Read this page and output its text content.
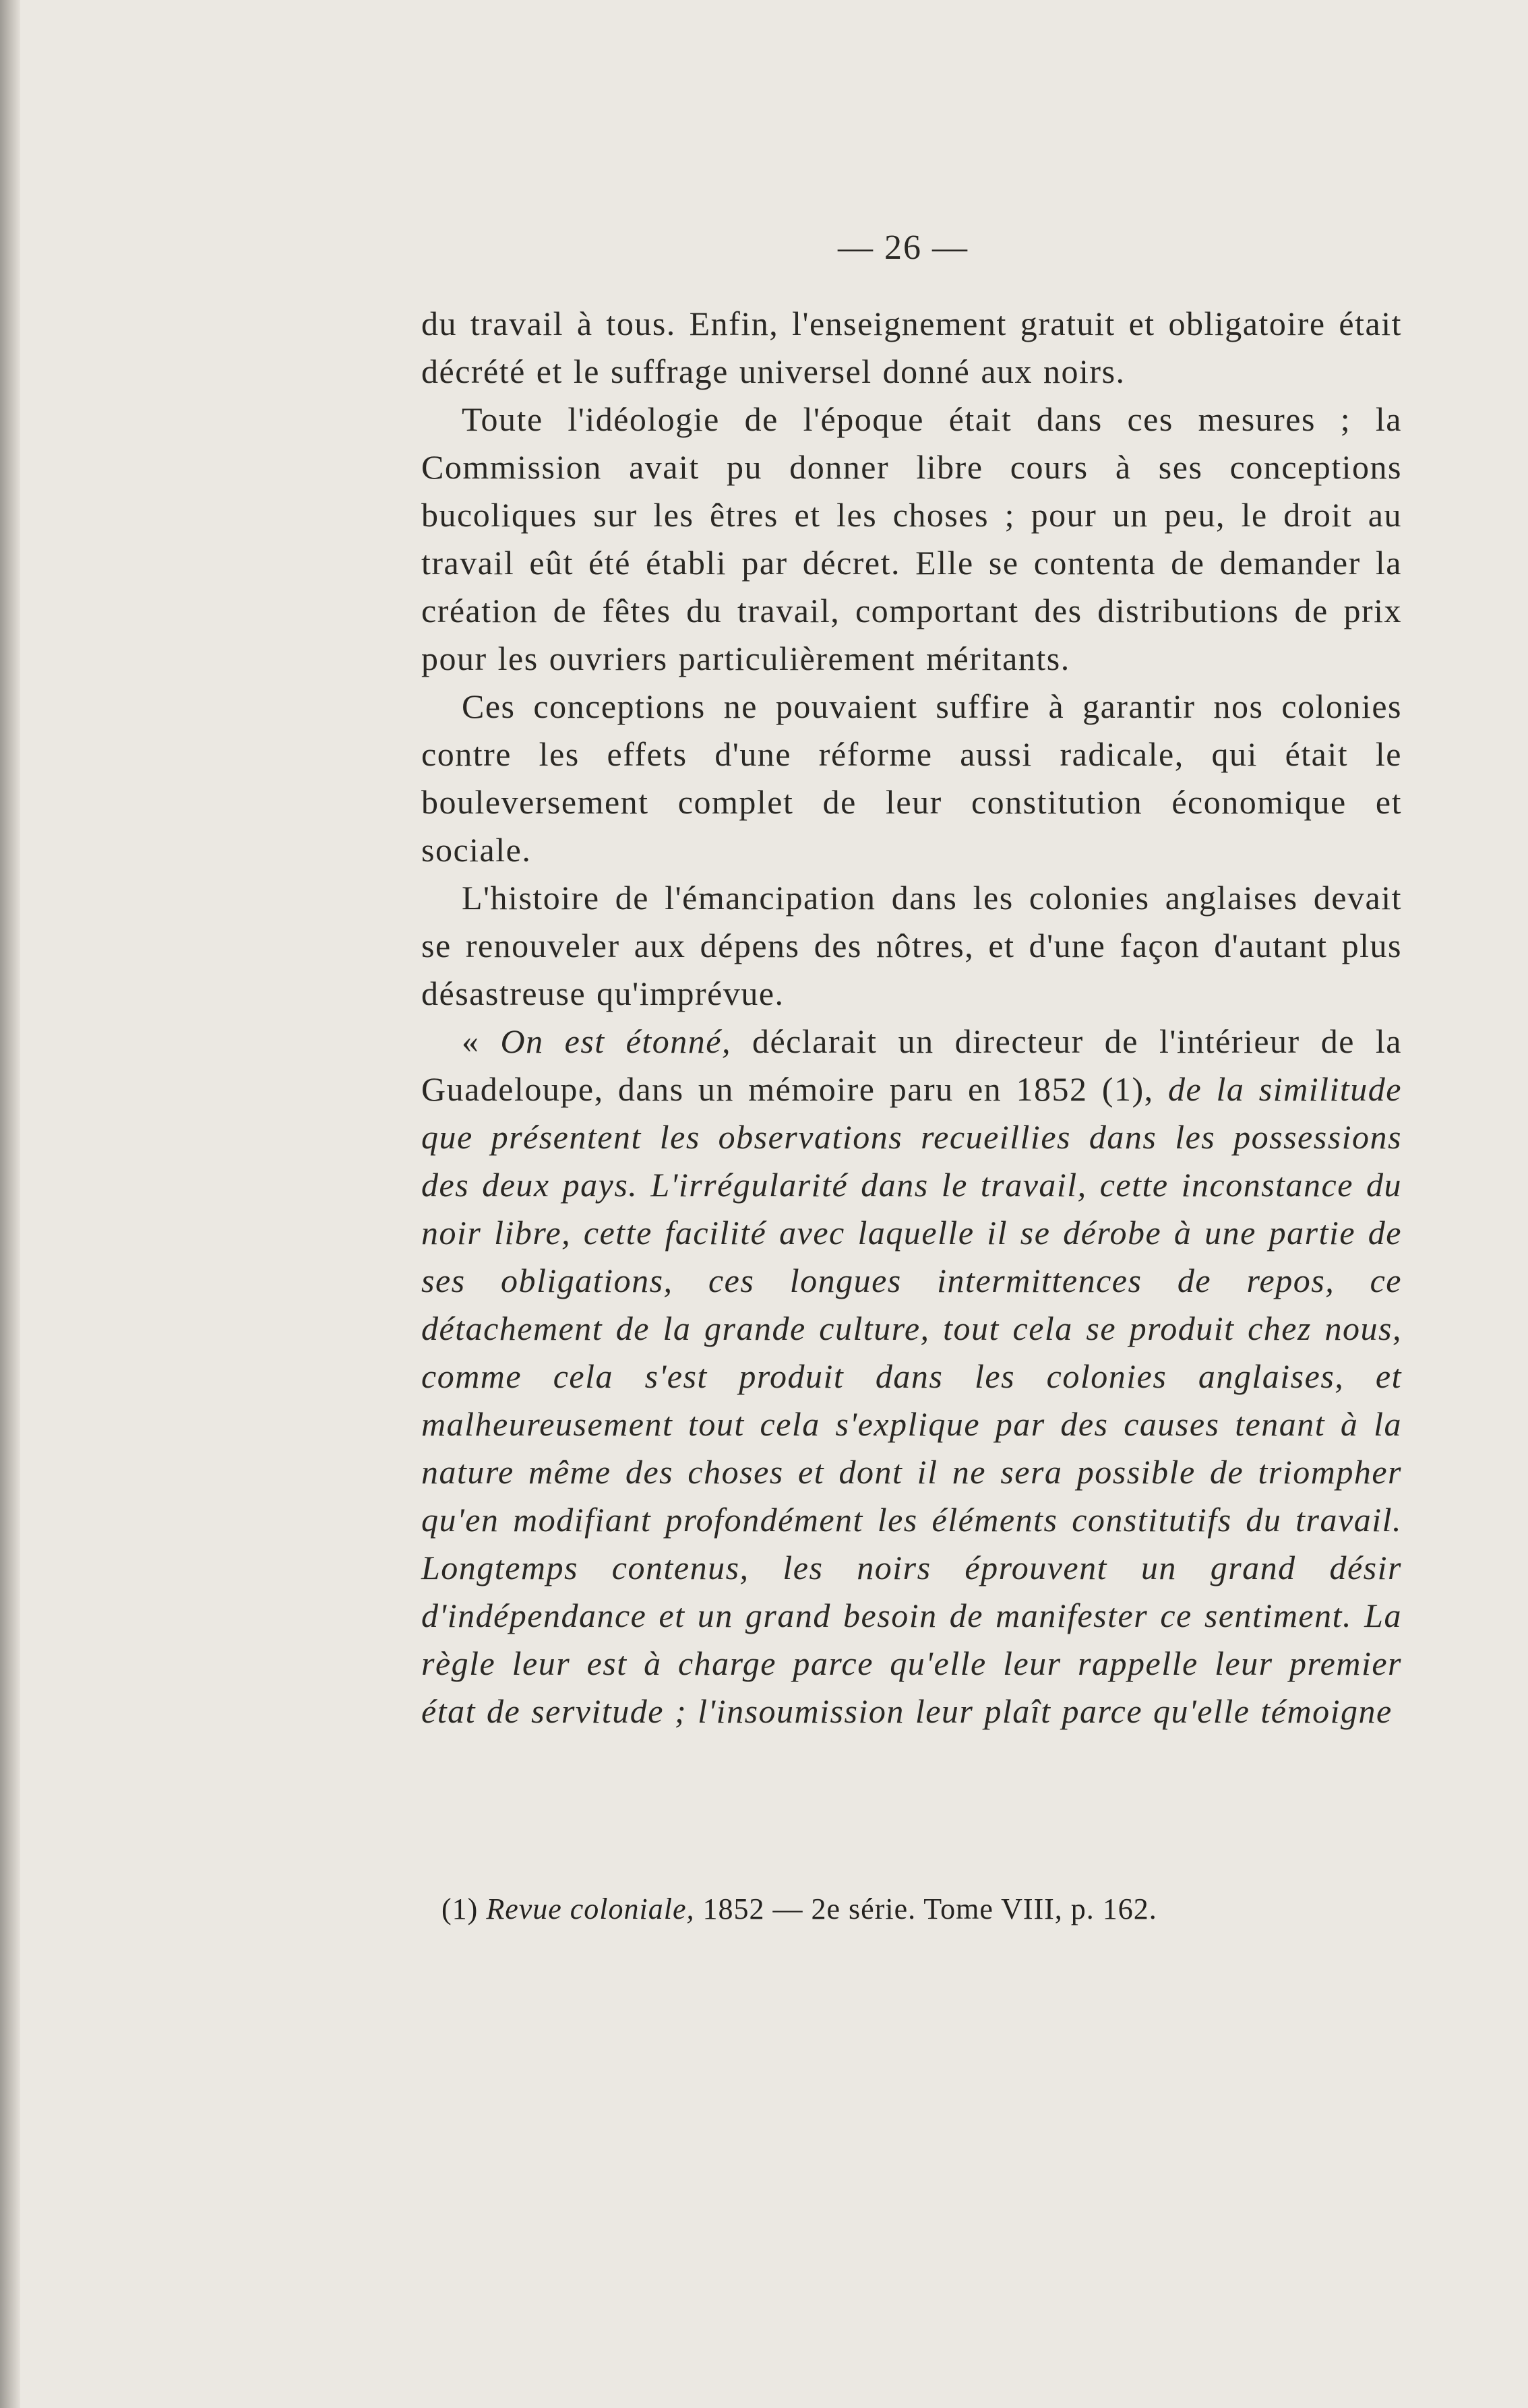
— 26 —

du travail à tous. Enfin, l'enseignement gratuit et obligatoire était décrété et le suffrage universel donné aux noirs.

Toute l'idéologie de l'époque était dans ces mesures ; la Commission avait pu donner libre cours à ses conceptions bucoliques sur les êtres et les choses ; pour un peu, le droit au travail eût été établi par décret. Elle se contenta de demander la création de fêtes du travail, comportant des distributions de prix pour les ouvriers particulièrement méritants.

Ces conceptions ne pouvaient suffire à garantir nos colonies contre les effets d'une réforme aussi radicale, qui était le bouleversement complet de leur constitution économique et sociale.

L'histoire de l'émancipation dans les colonies anglaises devait se renouveler aux dépens des nôtres, et d'une façon d'autant plus désastreuse qu'imprévue.

« On est étonné, déclarait un directeur de l'intérieur de la Guadeloupe, dans un mémoire paru en 1852 (1), de la similitude que présentent les observations recueillies dans les possessions des deux pays. L'irrégularité dans le travail, cette inconstance du noir libre, cette facilité avec laquelle il se dérobe à une partie de ses obligations, ces longues intermittences de repos, ce détachement de la grande culture, tout cela se produit chez nous, comme cela s'est produit dans les colonies anglaises, et malheureusement tout cela s'explique par des causes tenant à la nature même des choses et dont il ne sera possible de triompher qu'en modifiant profondément les éléments constitutifs du travail. Longtemps contenus, les noirs éprouvent un grand désir d'indépendance et un grand besoin de manifester ce sentiment. La règle leur est à charge parce qu'elle leur rappelle leur premier état de servitude ; l'insoumission leur plaît parce qu'elle témoigne

(1) Revue coloniale, 1852 — 2e série. Tome VIII, p. 162.
